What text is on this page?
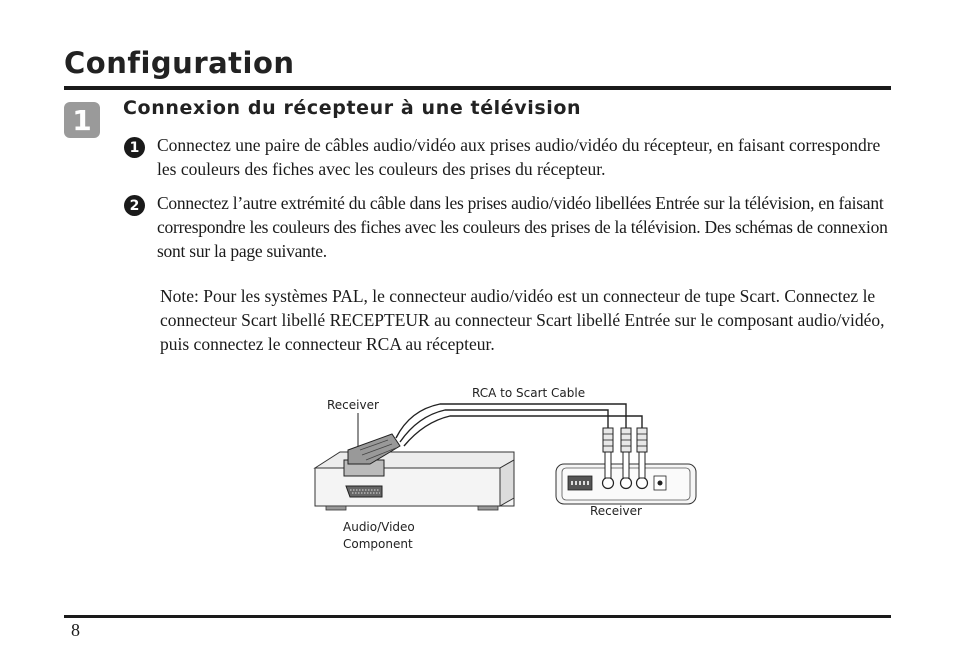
Configuration
1	Connexion du récepteur à une télévision
1	Connectez une paire de câbles audio/vidéo aux prises audio/vidéo du récepteur, en faisant correspondre les couleurs des fiches avec les couleurs des prises du récepteur.

2	Connectez l’autre extrémité du câble dans les prises audio/vidéo libellées Entrée sur la télévision, en faisant correspondre les couleurs des fiches avec les couleurs des prises de la télévision. Des schémas de connexion sont sur la page suivante.

Note: Pour les systèmes PAL, le connecteur audio/vidéo est un connecteur de tupe Scart. Connectez le connecteur Scart libellé RECEPTEUR au connecteur Scart libellé Entrée sur le composant audio/vidéo, puis connectez le connecteur RCA au récepteur.

Receiver
RCA to Scart Cable
Receiver
Audio/Video
Component
8
